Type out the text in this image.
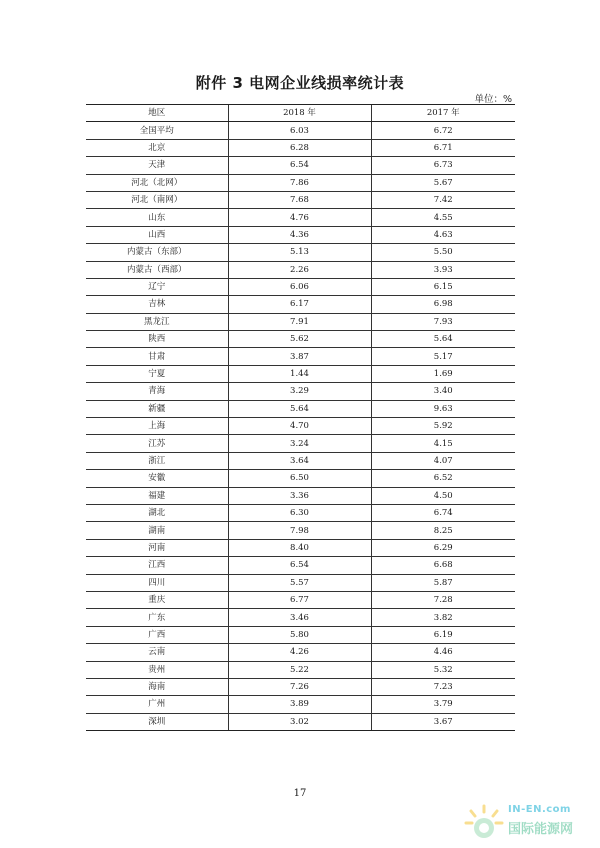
附件 3 电网企业线损率统计表
单位：%
地区	2018 年	2017 年
全国平均	6.03	6.72
北京	6.28	6.71
天津	6.54	6.73
河北（北网）	7.86	5.67
河北（南网）	7.68	7.42
山东	4.76	4.55
山西	4.36	4.63
内蒙古（东部）	5.13	5.50
内蒙古（西部）	2.26	3.93
辽宁	6.06	6.15
吉林	6.17	6.98
黑龙江	7.91	7.93
陕西	5.62	5.64
甘肃	3.87	5.17
宁夏	1.44	1.69
青海	3.29	3.40
新疆	5.64	9.63
上海	4.70	5.92
江苏	3.24	4.15
浙江	3.64	4.07
安徽	6.50	6.52
福建	3.36	4.50
湖北	6.30	6.74
湖南	7.98	8.25
河南	8.40	6.29
江西	6.54	6.68
四川	5.57	5.87
重庆	6.77	7.28
广东	3.46	3.82
广西	5.80	6.19
云南	4.26	4.46
贵州	5.22	5.32
海南	7.26	7.23
广州	3.89	3.79
深圳	3.02	3.67
17
IN-EN.com
国际能源网
